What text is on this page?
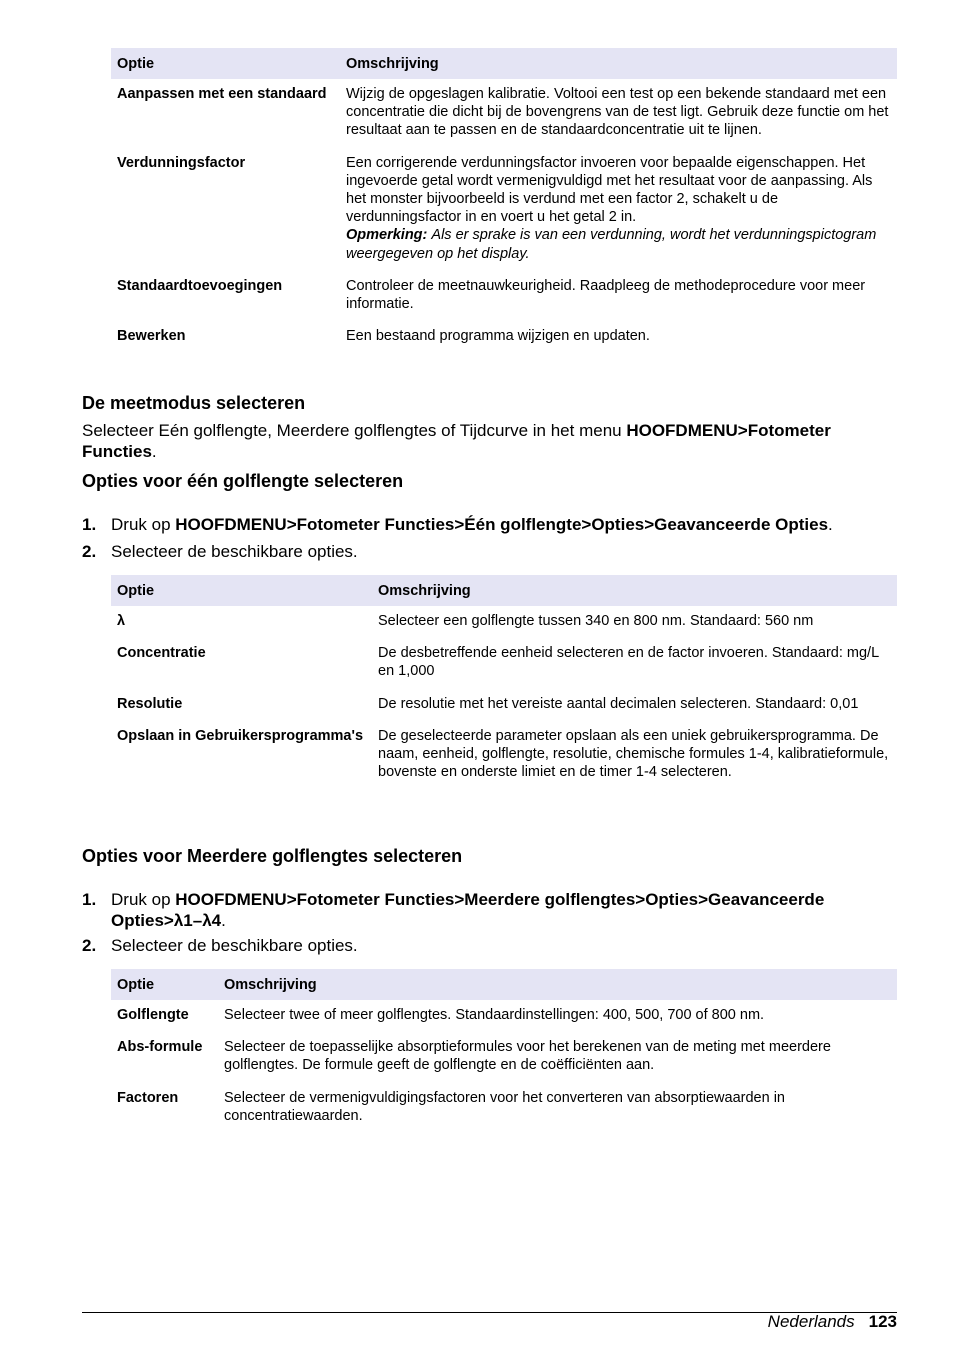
Optie	Omschrijving
Aanpassen met een standaard	Wijzig de opgeslagen kalibratie. Voltooi een test op een bekende standaard met een concentratie die dicht bij de bovengrens van de test ligt. Gebruik deze functie om het resultaat aan te passen en de standaardconcentratie uit te lijnen.
Verdunningsfactor	Een corrigerende verdunningsfactor invoeren voor bepaalde eigenschappen. Het ingevoerde getal wordt vermenigvuldigd met het resultaat voor de aanpassing. Als het monster bijvoorbeeld is verdund met een factor 2, schakelt u de verdunningsfactor in en voert u het getal 2 in.
Opmerking: Als er sprake is van een verdunning, wordt het verdunningspictogram weergegeven op het display.
Standaardtoevoegingen	Controleer de meetnauwkeurigheid. Raadpleeg de methodeprocedure voor meer informatie.
Bewerken	Een bestaand programma wijzigen en updaten.
De meetmodus selecteren

Selecteer Eén golflengte, Meerdere golflengtes of Tijdcurve in het menu HOOFDMENU>Fotometer Functies.

Opties voor één golflengte selecteren
1. Druk op HOOFDMENU>Fotometer Functies>Één golflengte>Opties>Geavanceerde Opties.
2. Selecteer de beschikbare opties.
Optie	Omschrijving
λ	Selecteer een golflengte tussen 340 en 800 nm. Standaard: 560 nm
Concentratie	De desbetreffende eenheid selecteren en de factor invoeren. Standaard: mg/L en 1,000
Resolutie	De resolutie met het vereiste aantal decimalen selecteren. Standaard: 0,01
Opslaan in Gebruikersprogramma's	De geselecteerde parameter opslaan als een uniek gebruikersprogramma. De naam, eenheid, golflengte, resolutie, chemische formules 1-4, kalibratieformule, bovenste en onderste limiet en de timer 1-4 selecteren.
Opties voor Meerdere golflengtes selecteren
1. Druk op HOOFDMENU>Fotometer Functies>Meerdere golflengtes>Opties>Geavanceerde Opties>λ1–λ4.
2. Selecteer de beschikbare opties.
Optie	Omschrijving
Golflengte	Selecteer twee of meer golflengtes. Standaardinstellingen: 400, 500, 700 of 800 nm.
Abs-formule	Selecteer de toepasselijke absorptieformules voor het berekenen van de meting met meerdere golflengtes. De formule geeft de golflengte en de coëfficiënten aan.
Factoren	Selecteer de vermenigvuldigingsfactoren voor het converteren van absorptiewaarden in concentratiewaarden.
Nederlands 123
